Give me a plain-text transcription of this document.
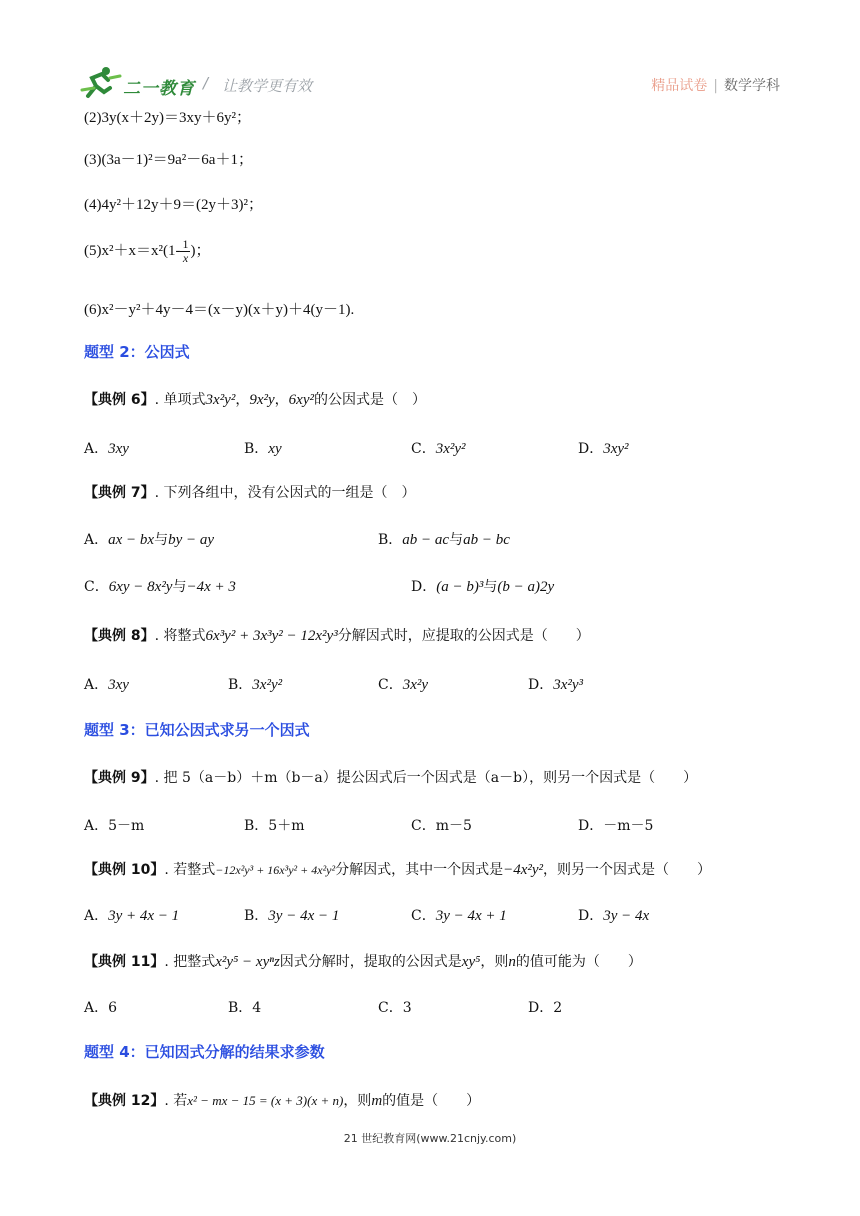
二一教育 / 让教学更有效	精品试卷 | 数学学科
(2)3y(x＋2y)＝3xy＋6y²；
(3)(3a－1)²＝9a²－6a＋1；
(4)4y²＋12y＋9＝(2y＋3)²；
$(5)x^2+x=x^2(1- \frac{1}{x}$ )；
(6)x²－y²＋4y－4＝(x－y)(x＋y)＋4(y－1).
题型 2：公因式
【典例 6】. 单项式3x²y²，9x²y，6xy²的公因式是（　）
A．3xy	B．xy	C．3x²y²	D．3xy²
【典例 7】. 下列各组中，没有公因式的一组是（　）
A．ax − bx与by − ay	B．ab − ac与ab − bc
C．6xy − 8x²y与−4x + 3	D．(a − b)³与(b − a)2y
【典例 8】. 将整式6x³y² + 3x³y² − 12x²y³分解因式时，应提取的公因式是（　　）
A．3xy	B．3x²y²	C．3x²y	D．3x²y³
题型 3：已知公因式求另一个因式
【典例 9】. 把 5（a－b）＋m（b－a）提公因式后一个因式是（a－b），则另一个因式是（　　）
A．5－m	B．5＋m	C．m－5	D．－m－5
【典例 10】. 若整式−12x²y³ + 16x³y² + 4x²y²分解因式，其中一个因式是−4x²y²，则另一个因式是（　　）
A．3y + 4x − 1	B．3y − 4x − 1	C．3y − 4x + 1	D．3y − 4x
【典例 11】. 把整式x²y⁵ − xyⁿz因式分解时，提取的公因式是xy⁵，则n的值可能为（　　）
A．6	B．4	C．3	D．2
题型 4：已知因式分解的结果求参数
【典例 12】. 若x² − mx − 15 = (x + 3)(x + n)，则m的值是（　　）
21 世纪教育网(www.21cnjy.com)
